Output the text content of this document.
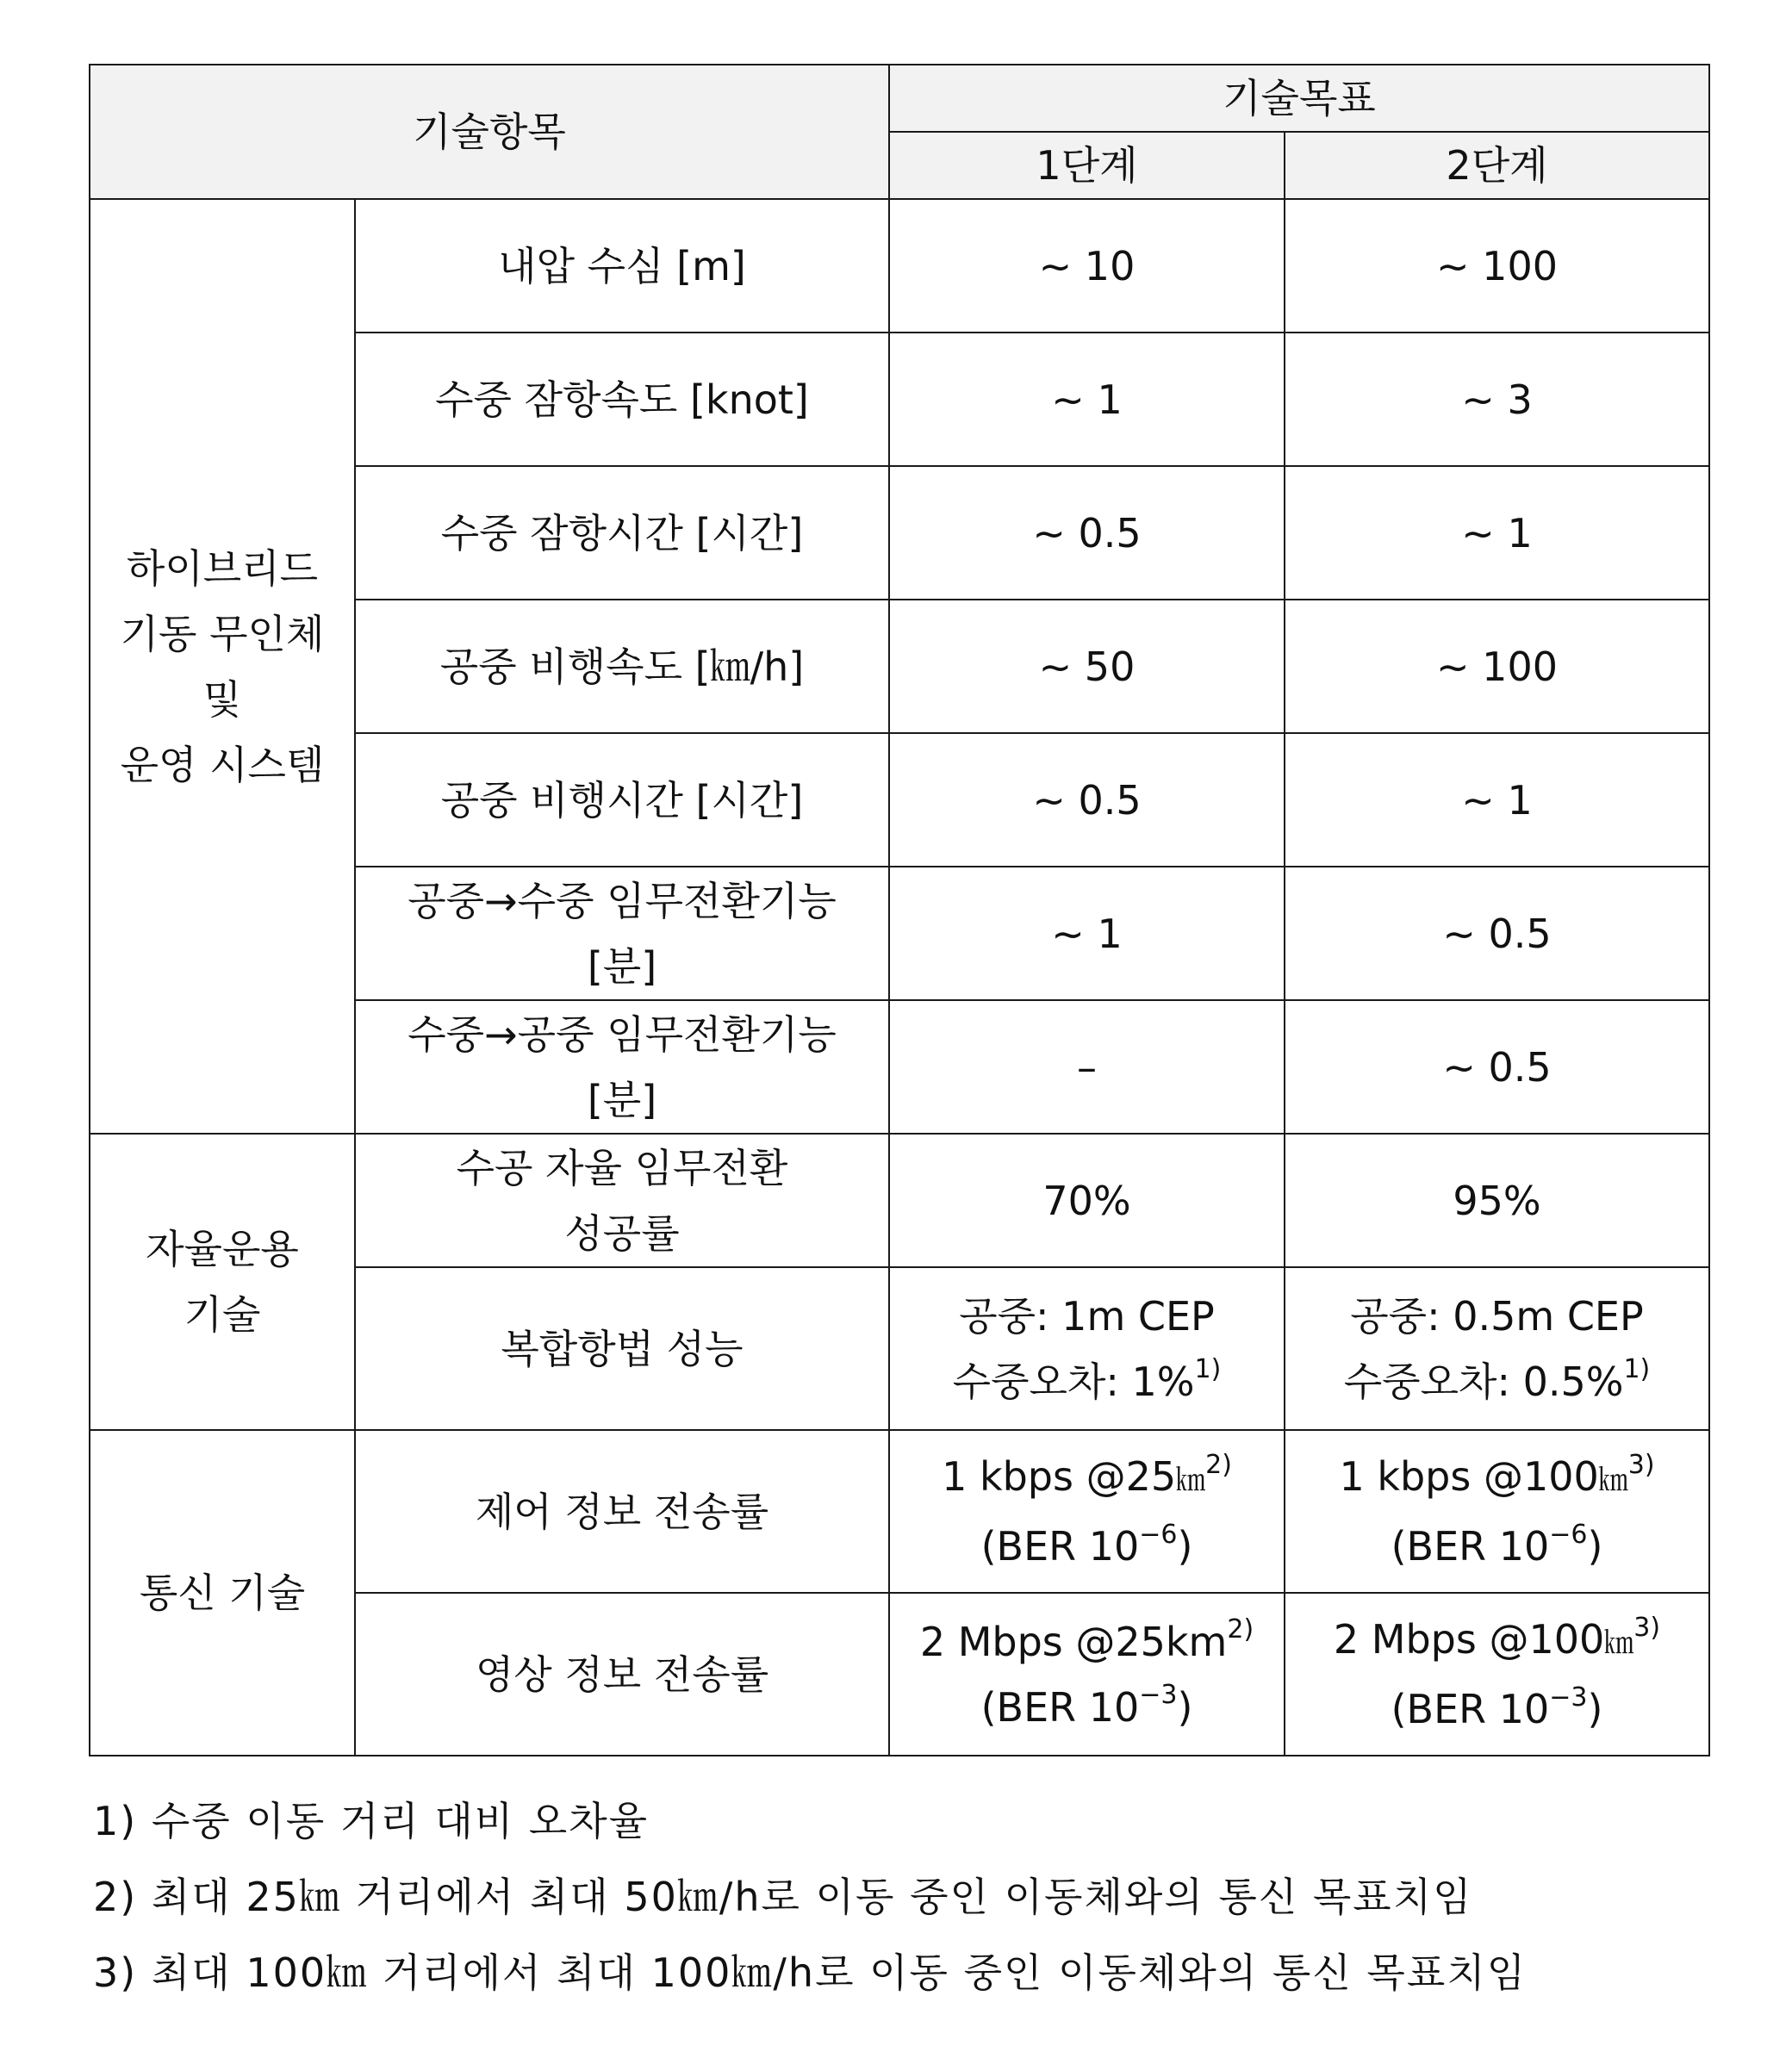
기술항목		기술목표	
		1단계	2단계

하이브리드
기동 무인체
및
운영 시스템	내압 수심 [m]	~ 10	~ 100

	수중 잠항속도 [knot]	~ 1	~ 3

	수중 잠항시간 [시간]	~ 0.5	~ 1

	공중 비행속도 [㎞/h]	~ 50	~ 100

	공중 비행시간 [시간]	~ 0.5	~ 1

	공중→수중 임무전환기능
[분]	~ 1	~ 0.5

	수중→공중 임무전환기능
[분]	–	~ 0.5

자율운용
기술	수공 자율 임무전환
성공률	70%	95%

	복합항법 성능	공중: 1m CEP
수중오차: 1%$^{1)}$	공중: 0.5m CEP
수중오차: 0.5%$^{1)}$

통신 기술	제어 정보 전송률	1 kbps @25㎞$^{2)}$
(BER $10^{-6}$)	1 kbps @100㎞$^{3)}$
(BER $10^{-6}$)

	영상 정보 전송률	2 Mbps $@25km^{2)}$
(BER $10^{-3}$)	2 Mbps @100㎞$^{3)}$
(BER $10^{-3}$)
1) 수중 이동 거리 대비 오차율
2) 최대 25㎞ 거리에서 최대 50㎞/h로 이동 중인 이동체와의 통신 목표치임
3) 최대 100㎞ 거리에서 최대 100㎞/h로 이동 중인 이동체와의 통신 목표치임
